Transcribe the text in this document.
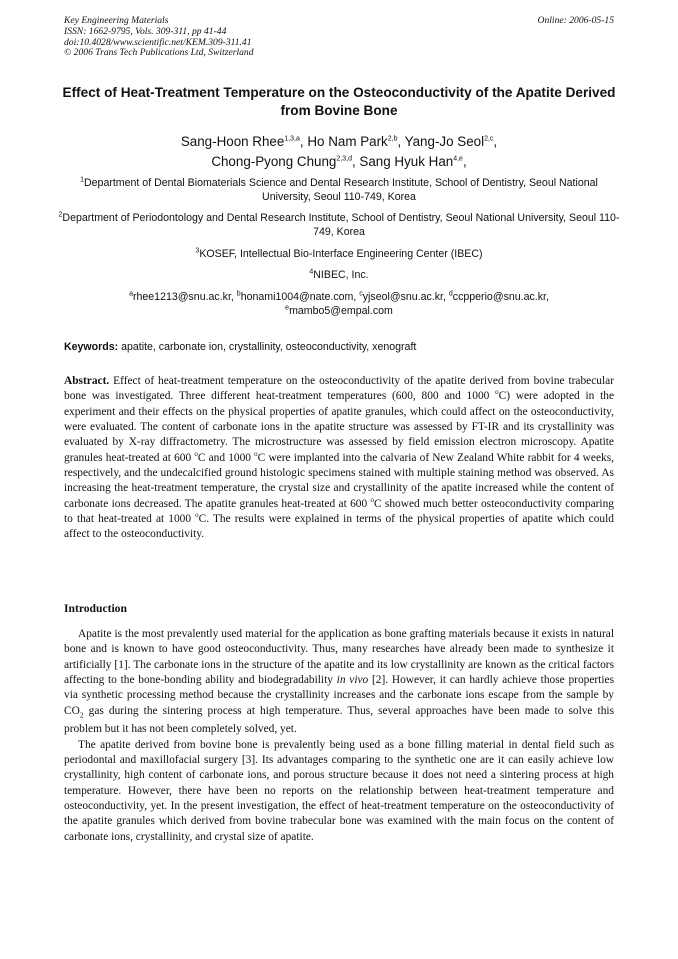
Key Engineering Materials
ISSN: 1662-9795, Vols. 309-311, pp 41-44
doi:10.4028/www.scientific.net/KEM.309-311.41
© 2006 Trans Tech Publications Ltd, Switzerland
Online: 2006-05-15
Effect of Heat-Treatment Temperature on the Osteoconductivity of the Apatite Derived from Bovine Bone
Sang-Hoon Rhee$^{1,3,a}$, Ho Nam Park$^{2,b}$, Yang-Jo Seol$^{2,c}$,
Chong-Pyong Chung$^{2,3,d}$, Sang Hyuk Han$^{4,e}$,
$^1$Department of Dental Biomaterials Science and Dental Research Institute, School of Dentistry, Seoul National University, Seoul 110-749, Korea
$^2$Department of Periodontology and Dental Research Institute, School of Dentistry, Seoul National University, Seoul 110-749, Korea
$^3$KOSEF, Intellectual Bio-Interface Engineering Center (IBEC)
$^4$NIBEC, Inc.
$^a$rhee1213@snu.ac.kr, $^b$honami1004@nate.com, $^c$yjseol@snu.ac.kr, $^d$ccpperio@snu.ac.kr,
$^e$mambo5@empal.com
Keywords: apatite, carbonate ion, crystallinity, osteoconductivity, xenograft
Abstract. Effect of heat-treatment temperature on the osteoconductivity of the apatite derived from bovine trabecular bone was investigated. Three different heat-treatment temperatures (600, 800 and 1000 $^o$C) were adopted in the experiment and their effects on the physical properties of apatite granules, which could affect on the osteoconductivity, were evaluated. The content of carbonate ions in the apatite structure was assessed by FT-IR and its crystallinity was evaluated by X-ray diffractometry. The microstructure was assessed by field emission electron microscopy. Apatite granules heat-treated at 600 $^o$C and 1000 $^o$C were implanted into the calvaria of New Zealand White rabbit for 4 weeks, respectively, and the undecalcified ground histologic specimens stained with multiple staining method was observed. As increasing the heat-treatment temperature, the crystal size and crystallinity of the apatite increased while the content of carbonate ions decreased. The apatite granules heat-treated at 600 $^o$C showed much better osteoconductivity comparing to that heat-treated at 1000 $^o$C. The results were explained in terms of the physical properties of apatite which could affect to the osteoconductivity.
Introduction

Apatite is the most prevalently used material for the application as bone grafting materials because it exists in natural bone and is known to have good osteoconductivity. Thus, many researches have already been made to synthesize it artificially [1]. The carbonate ions in the structure of the apatite and its low crystallinity are known as the critical factors affecting to the bone-bonding ability and biodegradability in vivo [2]. However, it can hardly achieve those properties via synthetic processing method because the crystallinity increases and the carbonate ions escape from the sample by $CO_2$ gas during the sintering process at high temperature. Thus, several approaches have been made to solve this problem but it has not been completely solved, yet.

The apatite derived from bovine bone is prevalently being used as a bone filling material in dental field such as periodontal and maxillofacial surgery [3]. Its advantages comparing to the synthetic one are it can easily achieve low crystallinity, high content of carbonate ions, and porous structure because it does not need a sintering process at high temperature. However, there have been no reports on the relationship between heat-treatment temperature and osteoconductivity, yet. In the present investigation, the effect of heat-treatment temperature on the osteoconductivity of the apatite granules which derived from bovine trabecular bone was examined with the main focus on the content of carbonate ions, crystallinity, and crystal size of apatite.
